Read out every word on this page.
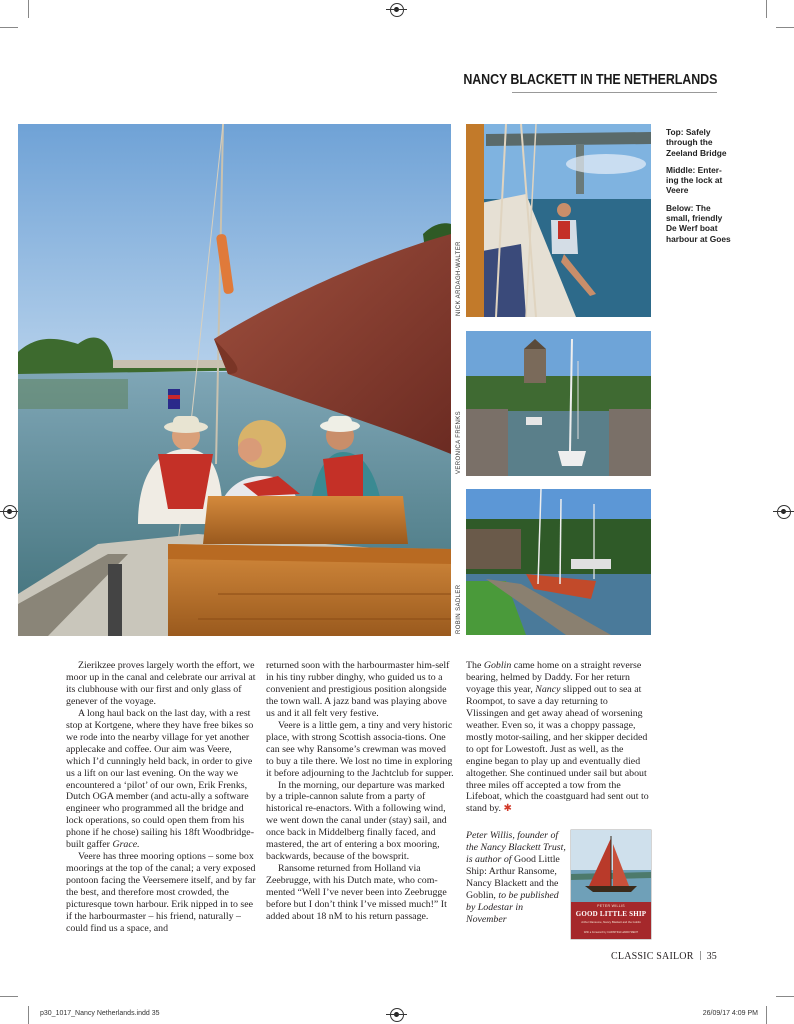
NANCY BLACKETT IN THE NETHERLANDS
NICK ARDAGH-WALTER
VERONICA FRENKS
ROBIN SADLER

Top: Safely through the Zeeland Bridge

Middle: Enter-ing the lock at Veere

Below: The small, friendly De Werf boat harbour at Goes

Zierikzee proves largely worth the effort, we moor up in the canal and celebrate our arrival at its clubhouse with our first and only glass of genever of the voyage.

A long haul back on the last day, with a rest stop at Kortgene, where they have free bikes so we rode into the nearby village for yet another applecake and coffee. Our aim was Veere, which I’d cunningly held back, in order to give us a lift on our last evening. On the way we encountered a ‘pilot’ of our own, Erik Frenks, Dutch OGA member (and actu-ally a software engineer who programmed all the bridge and lock operations, so could open them from his phone if he chose) sailing his 18ft Woodbridge-built gaffer Grace.

Veere has three mooring options – some box moorings at the top of the canal; a very exposed pontoon facing the Veersemere itself, and by far the best, and therefore most crowded, the picturesque town harbour. Erik nipped in to see if the harbourmaster – his friend, naturally – could find us a space, and

returned soon with the harbourmaster him-self in his tiny rubber dinghy, who guided us to a convenient and prestigious position alongside the town wall. A jazz band was playing above us and it all felt very festive.

Veere is a little gem, a tiny and very historic place, with strong Scottish associa-tions. One can see why Ransome’s crewman was moved to buy a tile there. We lost no time in exploring it before adjourning to the Jachtclub for supper.

In the morning, our departure was marked by a triple-cannon salute from a party of historical re-enactors. With a following wind, we went down the canal under (stay) sail, and once back in Middelberg finally faced, and mastered, the art of entering a box mooring, backwards, because of the bowsprit.

Ransome returned from Holland via Zeebrugge, with his Dutch mate, who com-mented “Well I’ve never been into Zeebrugge before but I don’t think I’ve missed much!” It added about 18 nM to his return passage.

The Goblin came home on a straight reverse bearing, helmed by Daddy. For her return voyage this year, Nancy slipped out to sea at Roompot, to save a day returning to Vlissingen and get away ahead of worsening weather. Even so, it was a choppy passage, mostly motor-sailing, and her skipper decided to opt for Lowestoft. Just as well, as the engine began to play up and eventually died altogether. She continued under sail but about three miles off accepted a tow from the Lifeboat, which the coastguard had sent out to stand by. ✱

Peter Willis, founder of the Nancy Blackett Trust, is author of Good Little Ship: Arthur Ransome, Nancy Blackett and the Goblin, to be published by Lodestar in November
PETER WILLIS
GOOD LITTLE SHIP
Arthur Ransome, Nancy Blackett and the Goblin
With a Foreword by CHRISTINA HARDYMENT
CLASSIC SAILOR 35
p30_1017_Nancy Netherlands.indd 35	26/09/17 4:09 PM
